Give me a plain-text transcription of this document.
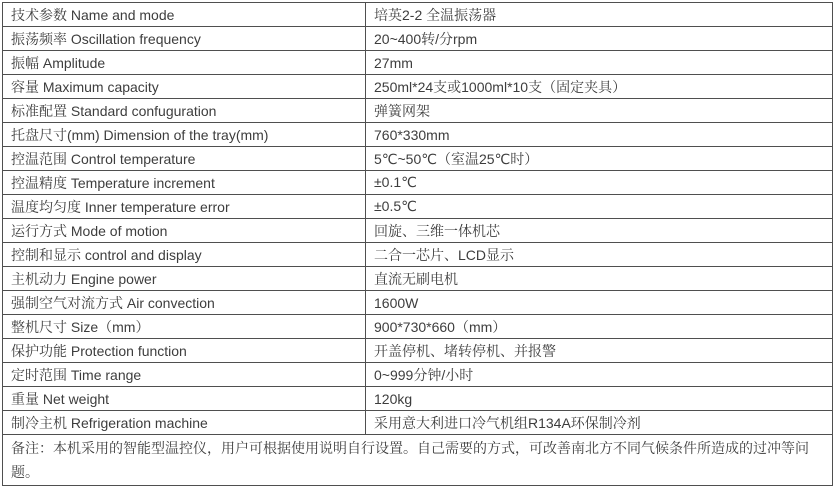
技术参数 Name and mode	培英2-2 全温振荡器
振荡频率 Oscillation frequency	20~400转/分rpm
振幅 Amplitude	27mm
容量 Maximum capacity	250ml*24支或1000ml*10支（固定夹具）
标准配置 Standard confuguration	弹簧网架
托盘尺寸(mm) Dimension of the tray(mm)	760*330mm
控温范围 Control temperature	5℃~50℃（室温25℃时）
控温精度 Temperature increment	±0.1℃
温度均匀度 Inner temperature error	±0.5℃
运行方式 Mode of motion	回旋、三维一体机芯
控制和显示 control and display	二合一芯片、LCD显示
主机动力 Engine power	直流无刷电机
强制空气对流方式 Air convection	1600W
整机尺寸 Size（mm）	900*730*660（mm）
保护功能 Protection function	开盖停机、堵转停机、并报警
定时范围 Time range	0~999分钟/小时
重量 Net weight	120kg
制冷主机 Refrigeration machine	采用意大利进口冷气机组R134A环保制冷剂
备注：本机采用的智能型温控仪，用户可根据使用说明自行设置。自己需要的方式，可改善南北方不同气候条件所造成的过冲等问题。	
